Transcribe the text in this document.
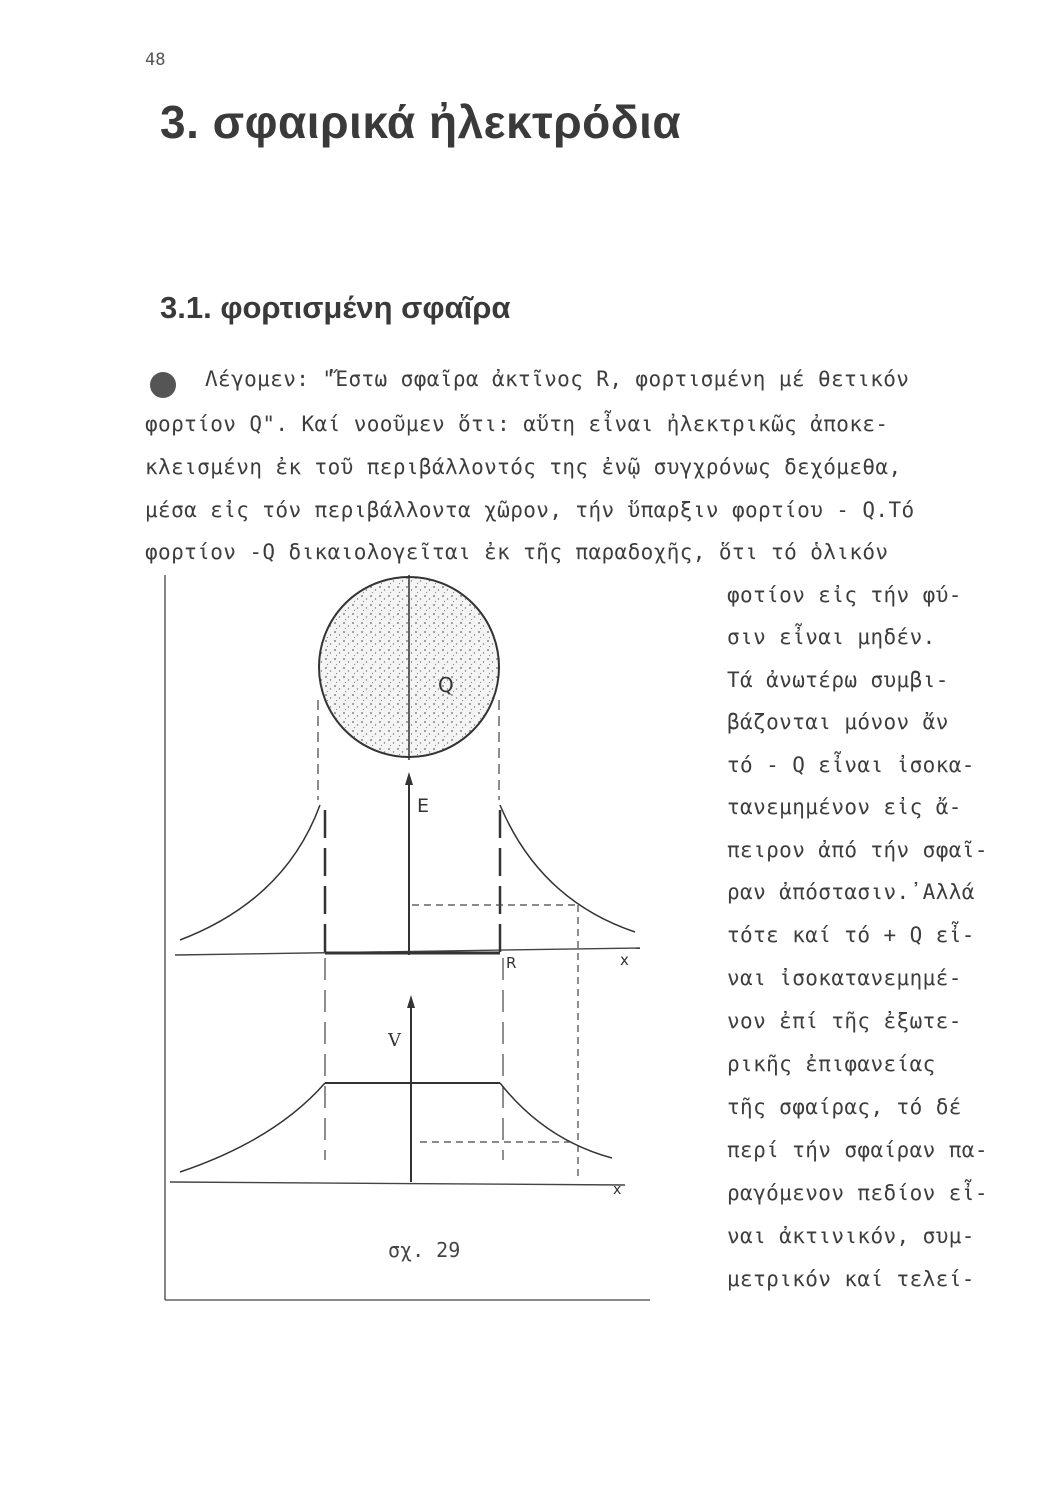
48
3. σφαιρικά ἠλεκτρόδια
3.1. φορτισμένη σφαῖρα
Λέγομεν: "Ἔστω σφαῖρα ἀκτῖνος R, φορτισμένη μέ θετικόν
φορτίον Q". Καί νοοῦμεν ὅτι: αὕτη εἶναι ἠλεκτρικῶς ἀποκε-
κλεισμένη ἐκ τοῦ περιβάλλοντός της ἐνῷ συγχρόνως δεχόμεθα,
μέσα εἰς τόν περιβάλλοντα χῶρον, τήν ὕπαρξιν φορτίου - Q.Τό
φορτίον -Q δικαιολογεῖται ἐκ τῆς παραδοχῆς, ὅτι τό ὁλικόν
φοτίον εἰς τήν φύ-
σιν εἶναι μηδέν.
Τά ἀνωτέρω συμβι-
βάζονται μόνον ἄν
τό - Q εἶναι ἰσοκα-
τανεμημένον εἰς ἄ-
πειρον ἀπό τήν σφαῖ-
ραν ἀπόστασιν.᾿Αλλά
τότε καί τό + Q εἶ-
ναι ἰσοκατανεμημέ-
νον ἐπί τῆς ἐξωτε-
ρικῆς ἐπιφανείας
τῆς σφαίρας, τό δέ
περί τήν σφαίραν πα-
ραγόμενον πεδίον εἶ-
ναι ἀκτινικόν, συμ-
μετρικόν καί τελεί-
Q
E
R	x
V
x
σχ. 29
